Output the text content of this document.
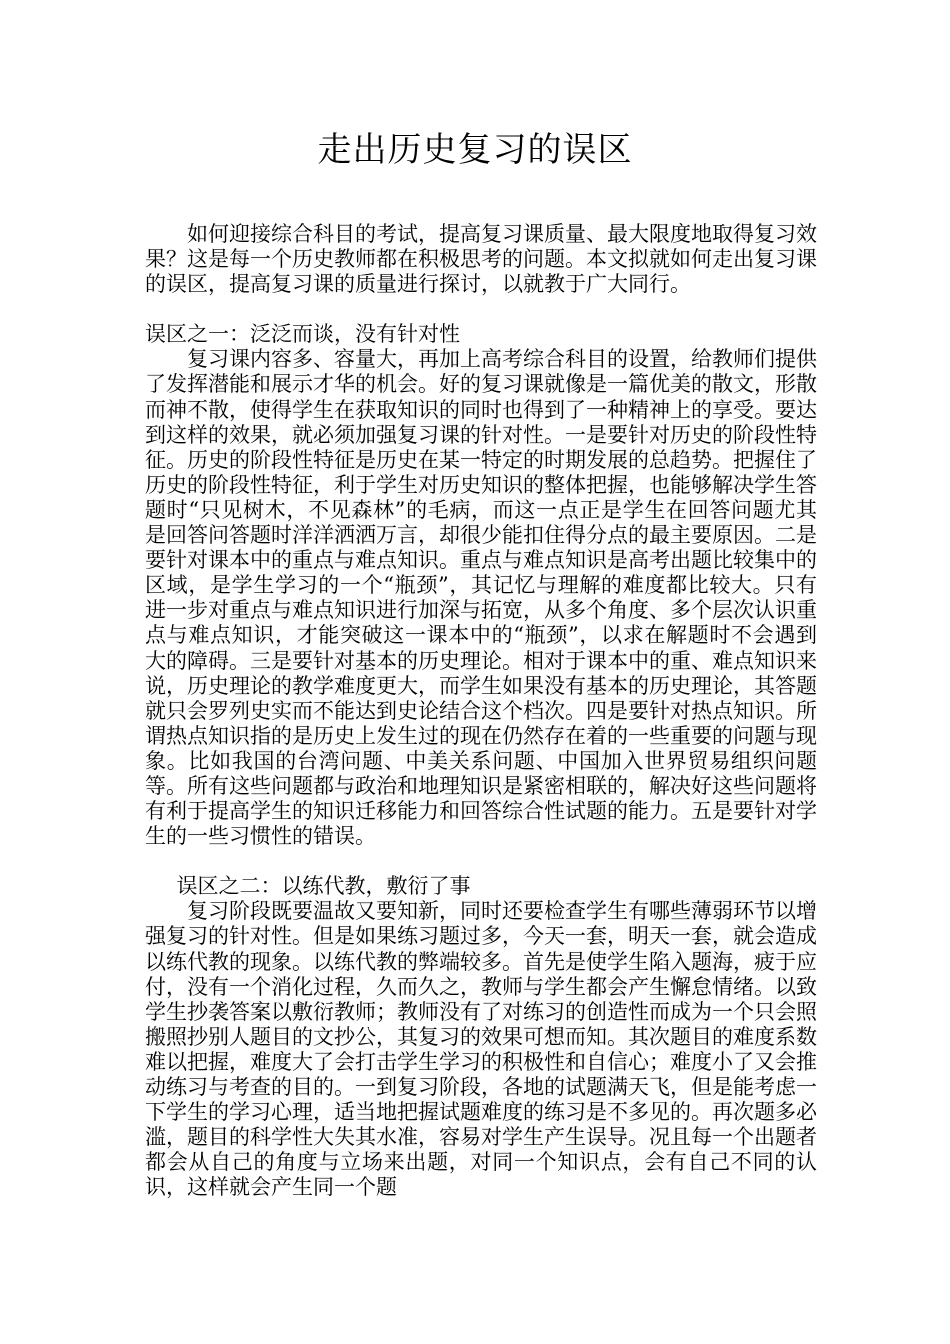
走出历史复习的误区

如何迎接综合科目的考试，提高复习课质量、最大限度地取得复习效果？这是每一个历史教师都在积极思考的问题。本文拟就如何走出复习课的误区，提高复习课的质量进行探讨，以就教于广大同行。

误区之一：泛泛而谈，没有针对性

复习课内容多、容量大，再加上高考综合科目的设置，给教师们提供了发挥潜能和展示才华的机会。好的复习课就像是一篇优美的散文，形散而神不散，使得学生在获取知识的同时也得到了一种精神上的享受。要达到这样的效果，就必须加强复习课的针对性。一是要针对历史的阶段性特征。历史的阶段性特征是历史在某一特定的时期发展的总趋势。把握住了历史的阶段性特征，利于学生对历史知识的整体把握，也能够解决学生答题时“只见树木，不见森林”的毛病，而这一点正是学生在回答问题尤其是回答问答题时洋洋洒洒万言，却很少能扣住得分点的最主要原因。二是要针对课本中的重点与难点知识。重点与难点知识是高考出题比较集中的区域，是学生学习的一个“瓶颈”，其记忆与理解的难度都比较大。只有进一步对重点与难点知识进行加深与拓宽，从多个角度、多个层次认识重点与难点知识，才能突破这一课本中的“瓶颈”，以求在解题时不会遇到大的障碍。三是要针对基本的历史理论。相对于课本中的重、难点知识来说，历史理论的教学难度更大，而学生如果没有基本的历史理论，其答题就只会罗列史实而不能达到史论结合这个档次。四是要针对热点知识。所谓热点知识指的是历史上发生过的现在仍然存在着的一些重要的问题与现象。比如我国的台湾问题、中美关系问题、中国加入世界贸易组织问题等。所有这些问题都与政治和地理知识是紧密相联的，解决好这些问题将有利于提高学生的知识迁移能力和回答综合性试题的能力。五是要针对学生的一些习惯性的错误。

误区之二：以练代教，敷衍了事

复习阶段既要温故又要知新，同时还要检查学生有哪些薄弱环节以增强复习的针对性。但是如果练习题过多，今天一套，明天一套，就会造成以练代教的现象。以练代教的弊端较多。首先是使学生陷入题海，疲于应付，没有一个消化过程，久而久之，教师与学生都会产生懈怠情绪。以致学生抄袭答案以敷衍教师；教师没有了对练习的创造性而成为一个只会照搬照抄别人题目的文抄公，其复习的效果可想而知。其次题目的难度系数难以把握，难度大了会打击学生学习的积极性和自信心；难度小了又会推动练习与考查的目的。一到复习阶段，各地的试题满天飞，但是能考虑一下学生的学习心理，适当地把握试题难度的练习是不多见的。再次题多必滥，题目的科学性大失其水准，容易对学生产生误导。况且每一个出题者都会从自己的角度与立场来出题，对同一个知识点，会有自己不同的认识，这样就会产生同一个题
